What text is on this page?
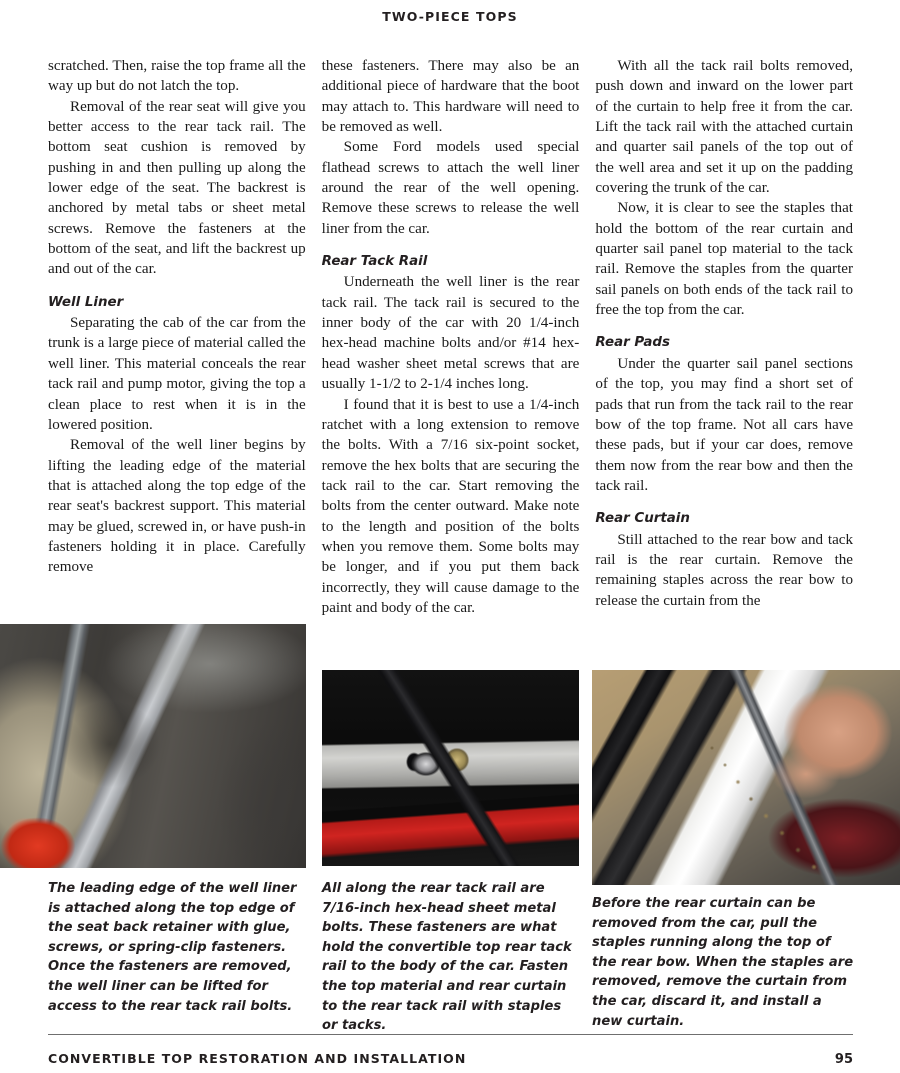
TWO-PIECE TOPS

scratched. Then, raise the top frame all the way up but do not latch the top.

Removal of the rear seat will give you better access to the rear tack rail. The bottom seat cushion is removed by pushing in and then pulling up along the lower edge of the seat. The backrest is anchored by metal tabs or sheet metal screws. Remove the fasteners at the bottom of the seat, and lift the backrest up and out of the car.

Well Liner

Separating the cab of the car from the trunk is a large piece of material called the well liner. This material conceals the rear tack rail and pump motor, giving the top a clean place to rest when it is in the lowered position.

Removal of the well liner begins by lifting the leading edge of the material that is attached along the top edge of the rear seat's backrest support. This material may be glued, screwed in, or have push-in fasteners holding it in place. Carefully remove

these fasteners. There may also be an additional piece of hardware that the boot may attach to. This hardware will need to be removed as well.

Some Ford models used special flathead screws to attach the well liner around the rear of the well opening. Remove these screws to release the well liner from the car.

Rear Tack Rail

Underneath the well liner is the rear tack rail. The tack rail is secured to the inner body of the car with 20 1/4-inch hex-head machine bolts and/or #14 hex-head washer sheet metal screws that are usually 1-1/2 to 2-1/4 inches long.

I found that it is best to use a 1/4-inch ratchet with a long extension to remove the bolts. With a 7/16 six-point socket, remove the hex bolts that are securing the tack rail to the car. Start removing the bolts from the center outward. Make note to the length and position of the bolts when you remove them. Some bolts may be longer, and if you put them back incorrectly, they will cause damage to the paint and body of the car.

With all the tack rail bolts removed, push down and inward on the lower part of the curtain to help free it from the car. Lift the tack rail with the attached curtain and quarter sail panels of the top out of the well area and set it up on the padding covering the trunk of the car.

Now, it is clear to see the staples that hold the bottom of the rear curtain and quarter sail panel top material to the tack rail. Remove the staples from the quarter sail panels on both ends of the tack rail to free the top from the car.

Rear Pads

Under the quarter sail panel sections of the top, you may find a short set of pads that run from the tack rail to the rear bow of the top frame. Not all cars have these pads, but if your car does, remove them now from the rear bow and then the tack rail.

Rear Curtain

Still attached to the rear bow and tack rail is the rear curtain. Remove the remaining staples across the rear bow to release the curtain from the

The leading edge of the well liner is attached along the top edge of the seat back retainer with glue, screws, or spring-clip fasteners. Once the fasteners are removed, the well liner can be lifted for access to the rear tack rail bolts.
All along the rear tack rail are 7/16-inch hex-head sheet metal bolts. These fasteners are what hold the convertible top rear tack rail to the body of the car. Fasten the top material and rear curtain to the rear tack rail with staples or tacks.
Before the rear curtain can be removed from the car, pull the staples running along the top of the rear bow. When the staples are removed, remove the curtain from the car, discard it, and install a new curtain.
CONVERTIBLE TOP RESTORATION AND INSTALLATION	95
